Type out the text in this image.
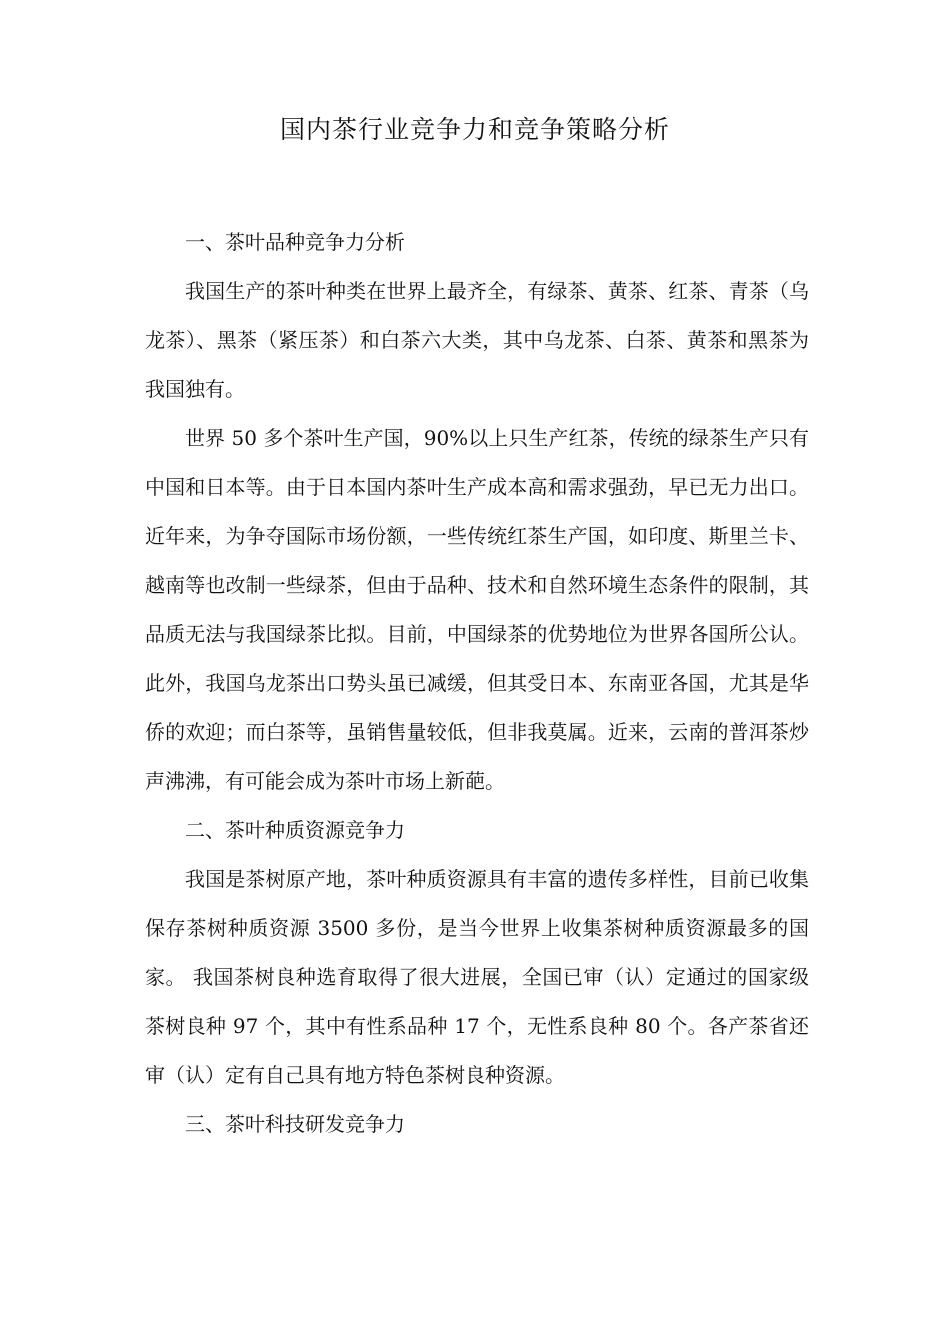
国内茶行业竞争力和竞争策略分析

一、茶叶品种竞争力分析

我国生产的茶叶种类在世界上最齐全，有绿茶、黄茶、红茶、青茶（乌龙茶）、黑茶（紧压茶）和白茶六大类，其中乌龙茶、白茶、黄茶和黑茶为我国独有。

世界 50 多个茶叶生产国，90%以上只生产红茶，传统的绿茶生产只有中国和日本等。由于日本国内茶叶生产成本高和需求强劲，早已无力出口。近年来，为争夺国际市场份额，一些传统红茶生产国，如印度、斯里兰卡、越南等也改制一些绿茶，但由于品种、技术和自然环境生态条件的限制，其品质无法与我国绿茶比拟。目前，中国绿茶的优势地位为世界各国所公认。此外，我国乌龙茶出口势头虽已减缓，但其受日本、东南亚各国，尤其是华侨的欢迎；而白茶等，虽销售量较低，但非我莫属。近来，云南的普洱茶炒声沸沸，有可能会成为茶叶市场上新葩。

二、茶叶种质资源竞争力

我国是茶树原产地，茶叶种质资源具有丰富的遗传多样性，目前已收集保存茶树种质资源 3500 多份，是当今世界上收集茶树种质资源最多的国家。 我国茶树良种选育取得了很大进展，全国已审（认）定通过的国家级茶树良种 97 个，其中有性系品种 17 个，无性系良种 80 个。各产茶省还审（认）定有自己具有地方特色茶树良种资源。

三、茶叶科技研发竞争力
